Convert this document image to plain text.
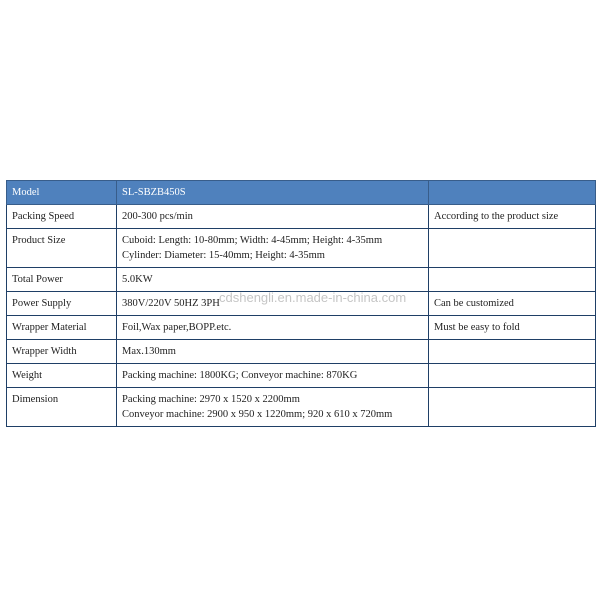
Model	SL-SBZB450S	
Packing Speed	200-300 pcs/min	According to the product size
Product Size	Cuboid: Length: 10-80mm; Width: 4-45mm; Height: 4-35mm
Cylinder: Diameter: 15-40mm; Height: 4-35mm	

Total Power	5.0KW	

Power Supply	380V/220V 50HZ 3PH	Can be customized
Wrapper Material	Foil,Wax paper,BOPP.etc.	Must be easy to fold
Wrapper Width	Max.130mm	

Weight	Packing machine: 1800KG; Conveyor machine: 870KG	

Dimension	Packing machine: 2970 x 1520 x 2200mm
Conveyor machine: 2900 x 950 x 1220mm; 920 x 610 x 720mm	

cdshengli.en.made-in-china.com
